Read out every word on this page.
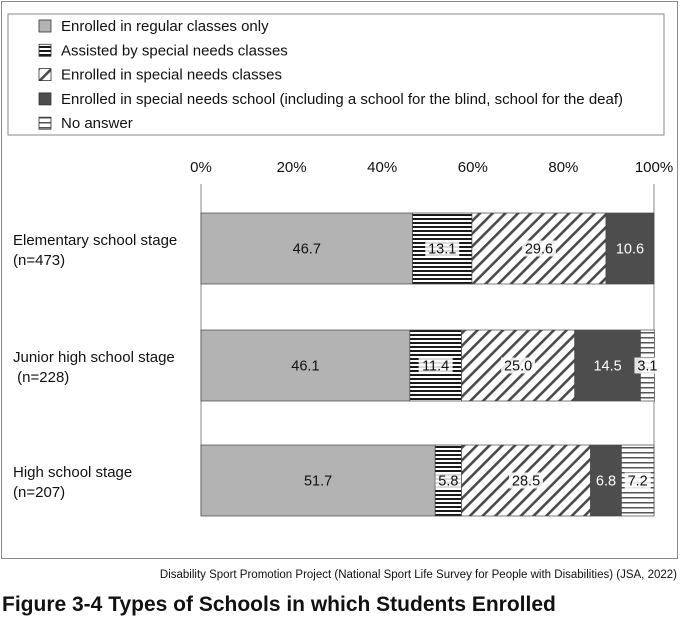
Enrolled in regular classes only
Assisted by special needs classes
Enrolled in special needs classes
Enrolled in special needs school (including a school for the blind, school for the deaf)
No answer
0%	20%	40%	60%	80%	100%
46.7	13.1	29.6	10.6
46.1	11.4	25.0	14.5 3.1
51.7	5.8	28.5	6.8 7.2
Elementary school stage
(n=473)
Junior high school stage
(n=228)
High school stage
(n=207)
Disability Sport Promotion Project (National Sport Life Survey for People with Disabilities) (JSA, 2022)
Figure 3-4 Types of Schools in which Students Enrolled
